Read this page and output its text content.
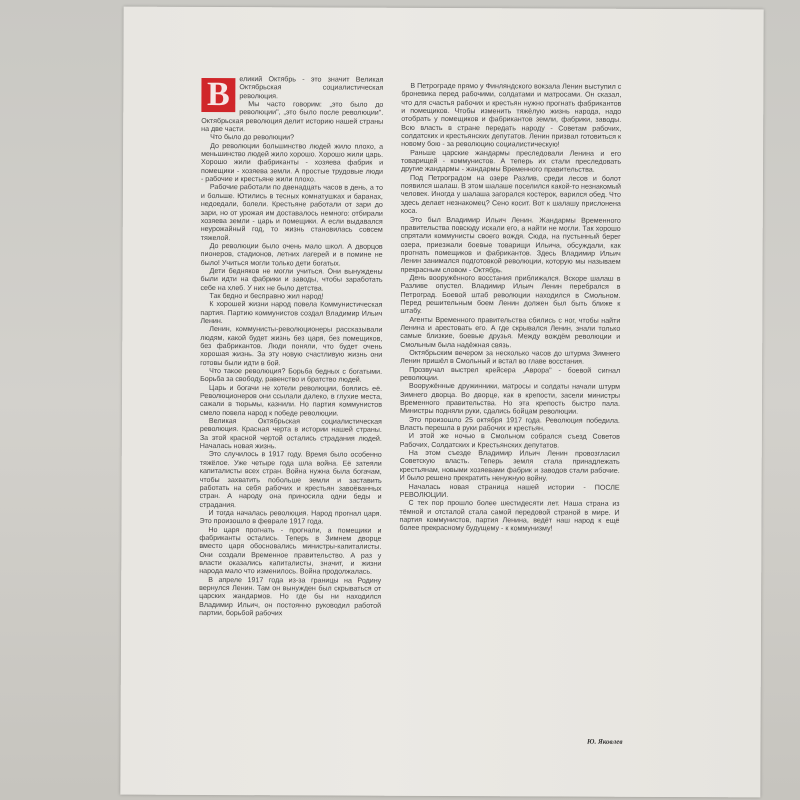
В	еликий Октябрь - это значит Великая Октябрьская социалистическая революция.

Мы часто говорим: „это было до революции", „это было после революции". Октябрьская революция делит историю нашей страны на две части.

Что было до революции?

До революции большинство людей жило плохо, а меньшинство людей жило хорошо. Хорошо жили царь. Хорошо жили фабриканты - хозяева фабрик и помещики - хозяева земли. А простые трудовые люди - рабочие и крестьяне жили плохо.

Рабочие работали по двенадцать часов в день, а то и больше. Ютились в тесных комнатушках и баранах, недоедали, болели. Крестьяне работали от зари до зари, но от урожая им доставалось немного: отбирали хозяева земли - царь и помещики. А если выдавался неурожайный год, то жизнь становилась совсем тяжелой.

До революции было очень мало школ. А дворцов пионеров, стадионов, летних лагерей и в помине не было! Учиться могли только дети богатых.

Дети бедняков не могли учиться. Они вынуждены были идти на фабрики и заводы, чтобы заработать себе на хлеб. У них не было детства.

Так бедно и бесправно жил народ!

К хорошей жизни народ повела Коммунистическая партия. Партию коммунистов создал Владимир Ильич Ленин.

Ленин, коммунисты-революционеры рассказывали людям, какой будет жизнь без царя, без помещиков, без фабрикантов. Люди поняли, что будет очень хорошая жизнь. За эту новую счастливую жизнь они готовы были идти в бой.

Что такое революция? Борьба бедных с богатыми. Борьба за свободу, равенство и братство людей.

Царь и богачи не хотели революции, боялись её. Революционеров они ссылали далеко, в глухие места, сажали в тюрьмы, казнили. Но партия коммунистов смело повела народ к победе революции.

Великая Октябрьская социалистическая революция. Красная черта в истории нашей страны. За этой красной чертой остались страдания людей. Началась новая жизнь.

Это случилось в 1917 году. Время было особенно тяжёлое. Уже четыре года шла война. Её затеяли капиталисты всех стран. Война нужна была богачам, чтобы захватить побольше земли и заставить работать на себя рабочих и крестьян завоёванных стран. А народу она приносила одни беды и страдания.

И тогда началась революция. Народ прогнал царя. Это произошло в феврале 1917 года.

Но царя прогнать - прогнали, а помещики и фабриканты остались. Теперь в Зимнем дворце вместо царя обосновались министры-капиталисты. Они создали Временное правительство. А раз у власти оказались капиталисты, значит, и жизни народа мало что изменилось. Война продолжалась.

В апреле 1917 года из-за границы на Родину вернулся Ленин. Там он вынужден был скрываться от царских жандармов. Но где бы ни находился Владимир Ильич, он постоянно руководил работой партии, борьбой рабочих

В Петрограде прямо у Финляндского вокзала Ленин выступил с броневика перед рабочими, солдатами и матросами. Он сказал, что для счастья рабочих и крестьян нужно прогнать фабрикантов и помещиков. Чтобы изменить тяжёлую жизнь народа, надо отобрать у помещиков и фабрикантов земли, фабрики, заводы. Всю власть в стране передать народу - Советам рабочих, солдатских и крестьянских депутатов. Ленин призвал готовиться к новому бою - за революцию социалистическую!

Раньше царские жандармы преследовали Ленина и его товарищей - коммунистов. А теперь их стали преследовать другие жандармы - жандармы Временного правительства.

Под Петроградом на озере Разлив, среди лесов и болот появился шалаш. В этом шалаше поселился какой-то незнакомый человек. Иногда у шалаша загорался костерок, варился обед. Что здесь делает незнакомец? Сено косит. Вот к шалашу прислонена коса.

Это был Владимир Ильич Ленин. Жандармы Временного правительства повсюду искали его, а найти не могли. Так хорошо спрятали коммунисты своего вождя. Сюда, на пустынный берег озера, приезжали боевые товарищи Ильича, обсуждали, как прогнать помещиков и фабрикантов. Здесь Владимир Ильич Ленин занимался подготовкой революции, которую мы называем прекрасным словом - Октябрь.

День вооружённого восстания приближался. Вскоре шалаш в Разливе опустел. Владимир Ильич Ленин перебрался в Петроград. Боевой штаб революции находился в Смольном. Перед решительным боем Ленин должен был быть ближе к штабу.

Агенты Временного правительства сбились с ног, чтобы найти Ленина и арестовать его. А где скрывался Ленин, знали только самые близкие, боевые друзья. Между вождём революции и Смольным была надёжная связь.

Октябрьским вечером за несколько часов до штурма Зимнего Ленин пришёл в Смольный и встал во главе восстания.

Прозвучал выстрел крейсера „Аврора" - боевой сигнал революции.

Вооружённые дружинники, матросы и солдаты начали штурм Зимнего дворца. Во дворце, как в крепости, засели министры Временного правительства. Но эта крепость быстро пала. Министры подняли руки, сдались бойцам революции.

Это произошло 25 октября 1917 года. Революция победила. Власть перешла в руки рабочих и крестьян.

И этой же ночью в Смольном собрался съезд Советов Рабочих, Солдатских и Крестьянских депутатов.

На этом съезде Владимир Ильич Ленин провозгласил Советскую власть. Теперь земля стала принадлежать крестьянам, новыми хозяевами фабрик и заводов стали рабочие. И было решено прекратить ненужную войну.

Началась новая страница нашей истории - ПОСЛЕ РЕВОЛЮЦИИ.

С тех пор прошло более шестидесяти лет. Наша страна из тёмной и отсталой стала самой передовой страной в мире. И партия коммунистов, партия Ленина, ведёт наш народ к ещё более прекрасному будущему - к коммунизму!

Ю. Яковлев
